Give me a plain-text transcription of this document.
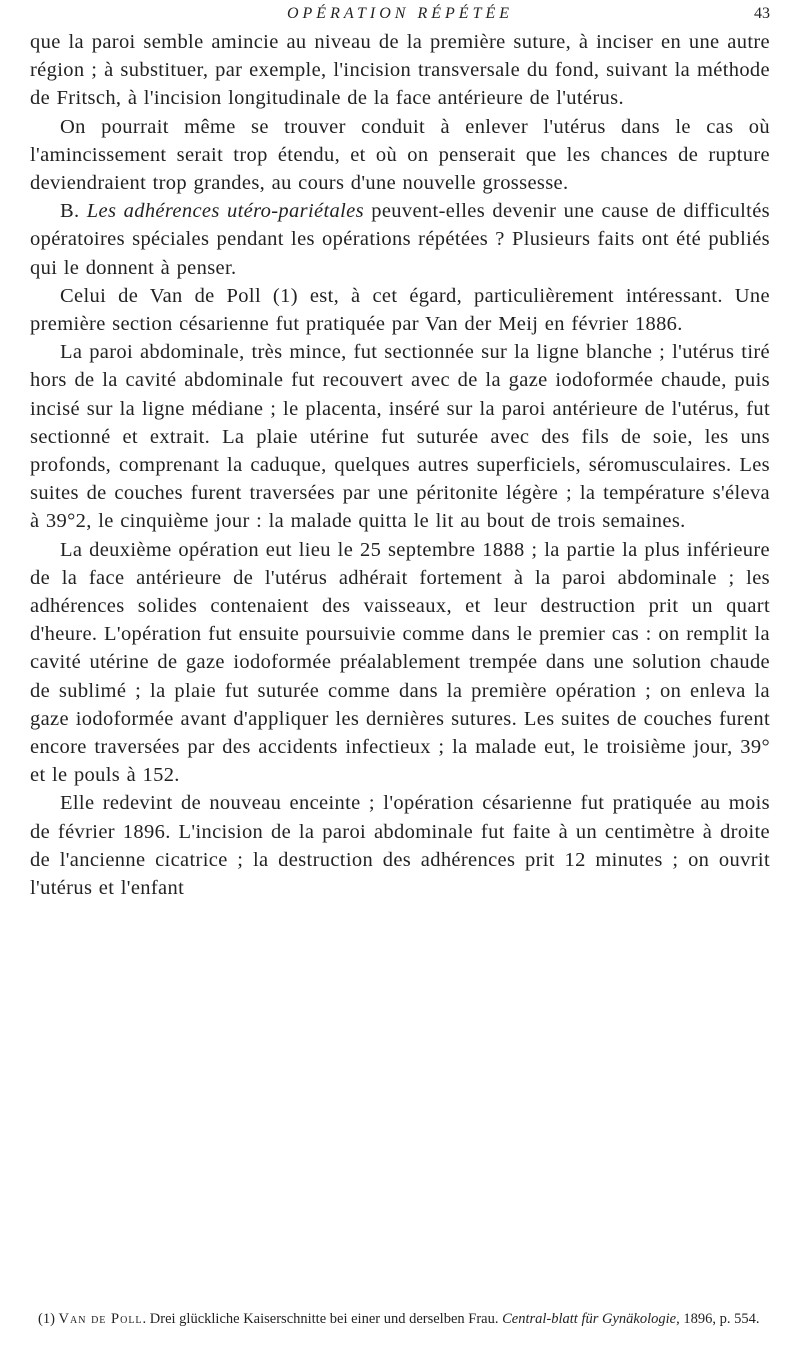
OPÉRATION RÉPÉTÉE	43

que la paroi semble amincie au niveau de la première suture, à inciser en une autre région ; à substituer, par exemple, l'incision transversale du fond, suivant la méthode de Fritsch, à l'incision longitudinale de la face antérieure de l'utérus.

On pourrait même se trouver conduit à enlever l'utérus dans le cas où l'amincissement serait trop étendu, et où on penserait que les chances de rupture deviendraient trop grandes, au cours d'une nouvelle grossesse.

B. Les adhérences utéro-pariétales peuvent-elles devenir une cause de difficultés opératoires spéciales pendant les opérations répétées ? Plusieurs faits ont été publiés qui le donnent à penser.

Celui de Van de Poll (1) est, à cet égard, particulièrement intéressant. Une première section césarienne fut pratiquée par Van der Meij en février 1886.

La paroi abdominale, très mince, fut sectionnée sur la ligne blanche ; l'utérus tiré hors de la cavité abdominale fut recouvert avec de la gaze iodoformée chaude, puis incisé sur la ligne médiane ; le placenta, inséré sur la paroi antérieure de l'utérus, fut sectionné et extrait. La plaie utérine fut suturée avec des fils de soie, les uns profonds, comprenant la caduque, quelques autres superficiels, séromusculaires. Les suites de couches furent traversées par une péritonite légère ; la température s'éleva à 39°2, le cinquième jour : la malade quitta le lit au bout de trois semaines.

La deuxième opération eut lieu le 25 septembre 1888 ; la partie la plus inférieure de la face antérieure de l'utérus adhérait fortement à la paroi abdominale ; les adhérences solides contenaient des vaisseaux, et leur destruction prit un quart d'heure. L'opération fut ensuite poursuivie comme dans le premier cas : on remplit la cavité utérine de gaze iodoformée préalablement trempée dans une solution chaude de sublimé ; la plaie fut suturée comme dans la première opération ; on enleva la gaze iodoformée avant d'appliquer les dernières sutures. Les suites de couches furent encore traversées par des accidents infectieux ; la malade eut, le troisième jour, 39° et le pouls à 152.

Elle redevint de nouveau enceinte ; l'opération césarienne fut pratiquée au mois de février 1896. L'incision de la paroi abdominale fut faite à un centimètre à droite de l'ancienne cicatrice ; la destruction des adhérences prit 12 minutes ; on ouvrit l'utérus et l'enfant

(1) Van de Poll. Drei glückliche Kaiserschnitte bei einer und derselben Frau. Central-blatt für Gynäkologie, 1896, p. 554.
